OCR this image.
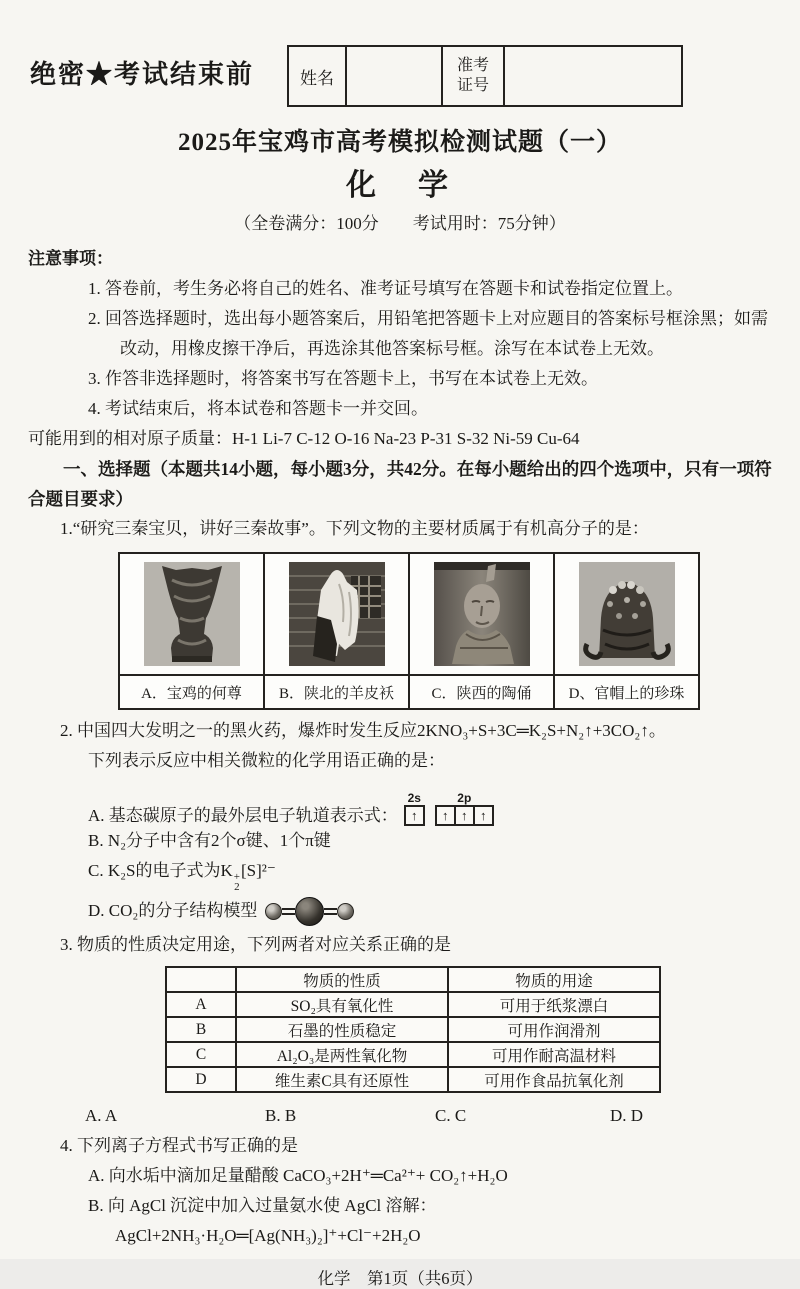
绝密★考试结束前	姓名
准考
证号
2025年宝鸡市高考模拟检测试题（一）
化　学
（全卷满分：100分　　考试用时：75分钟）
注意事项：
1. 答卷前，考生务必将自己的姓名、准考证号填写在答题卡和试卷指定位置上。
2. 回答选择题时，选出每小题答案后，用铅笔把答题卡上对应题目的答案标号框涂黑；如需改动，用橡皮擦干净后，再选涂其他答案标号框。涂写在本试卷上无效。
3. 作答非选择题时，将答案书写在答题卡上，书写在本试卷上无效。
4. 考试结束后，将本试卷和答题卡一并交回。
可能用到的相对原子质量：H-1 Li-7 C-12 O-16 Na-23 P-31 S-32 Ni-59 Cu-64
一、选择题（本题共14小题，每小题3分，共42分。在每小题给出的四个选项中，只有一项符合题目要求）
1.“研究三秦宝贝，讲好三秦故事”。下列文物的主要材质属于有机高分子的是：

A．宝鸡的何尊	B．陕北的羊皮袄	C．陕西的陶俑	D、官帽上的珍珠
2. 中国四大发明之一的黑火药，爆炸时发生反应2KNO₃+S+3C═K₂S+N₂↑+3CO₂↑。
下列表示反应中相关微粒的化学用语正确的是：
A. 基态碳原子的最外层电子轨道表示式：
2s
↑
2p
↑ ↑ ↑
B. N₂分子中含有2个σ键、1个π键
C. K₂S的电子式为K +
2
[S]²⁻
D. CO₂的分子结构模型
3. 物质的性质决定用途，下列两者对应关系正确的是
	物质的性质	物质的用途
A	SO₂具有氧化性	可用于纸浆漂白
B	石墨的性质稳定	可用作润滑剂
C	Al₂O₃是两性氧化物	可用作耐高温材料
D	维生素C具有还原性	可用作食品抗氧化剂
A. A	B. B	C. C	D. D
4. 下列离子方程式书写正确的是
A. 向水垢中滴加足量醋酸 CaCO₃+2H⁺═Ca²⁺+ CO₂↑+H₂O
B. 向 AgCl 沉淀中加入过量氨水使 AgCl 溶解：
AgCl+2NH₃·H₂O═[Ag(NH₃)₂]⁺+Cl⁻+2H₂O
化学　第1页（共6页）
